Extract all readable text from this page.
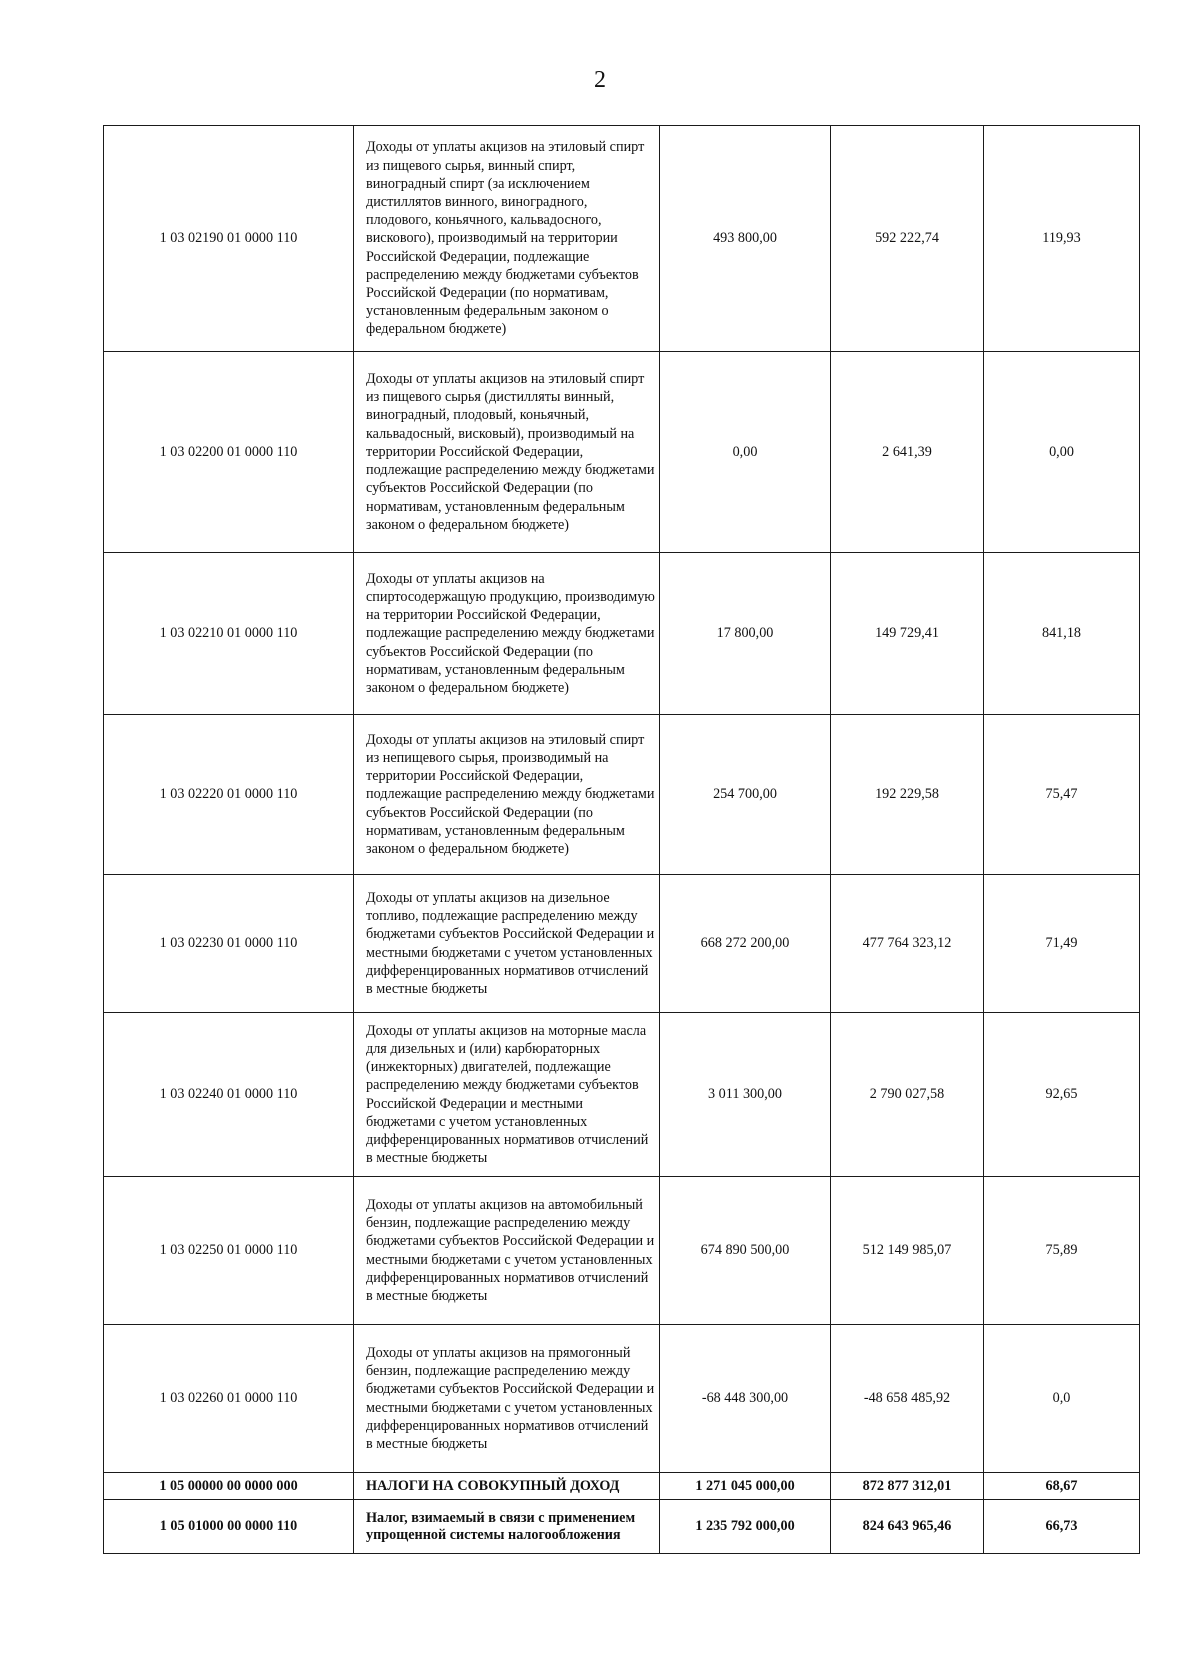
2
1 03 02190 01 0000 110	Доходы от уплаты акцизов на этиловый спирт из пищевого сырья, винный спирт, виноградный спирт (за исключением дистиллятов винного, виноградного, плодового, коньячного, кальвадосного, вискового), производимый на территории Российской Федерации, подлежащие распределению между бюджетами субъектов Российской Федерации (по нормативам, установленным федеральным законом о федеральном бюджете)	493 800,00	592 222,74	119,93
1 03 02200 01 0000 110	Доходы от уплаты акцизов на этиловый спирт из пищевого сырья (дистилляты винный, виноградный, плодовый, коньячный, кальвадосный, висковый), производимый на территории Российской Федерации, подлежащие распределению между бюджетами субъектов Российской Федерации (по нормативам, установленным федеральным законом о федеральном бюджете)	0,00	2 641,39	0,00
1 03 02210 01 0000 110	Доходы от уплаты акцизов на спиртосодержащую продукцию, производимую на территории Российской Федерации, подлежащие распределению между бюджетами субъектов Российской Федерации (по нормативам, установленным федеральным законом о федеральном бюджете)	17 800,00	149 729,41	841,18
1 03 02220 01 0000 110	Доходы от уплаты акцизов на этиловый спирт из непищевого сырья, производимый на территории Российской Федерации, подлежащие распределению между бюджетами субъектов Российской Федерации (по нормативам, установленным федеральным законом о федеральном бюджете)	254 700,00	192 229,58	75,47
1 03 02230 01 0000 110	Доходы от уплаты акцизов на дизельное топливо, подлежащие распределению между бюджетами субъектов Российской Федерации и местными бюджетами с учетом установленных дифференцированных нормативов отчислений в местные бюджеты	668 272 200,00	477 764 323,12	71,49
1 03 02240 01 0000 110	Доходы от уплаты акцизов на моторные масла для дизельных и (или) карбюраторных (инжекторных) двигателей, подлежащие распределению между бюджетами субъектов Российской Федерации и местными бюджетами с учетом установленных дифференцированных нормативов отчислений в местные бюджеты	3 011 300,00	2 790 027,58	92,65
1 03 02250 01 0000 110	Доходы от уплаты акцизов на автомобильный бензин, подлежащие распределению между бюджетами субъектов Российской Федерации и местными бюджетами с учетом установленных дифференцированных нормативов отчислений в местные бюджеты	674 890 500,00	512 149 985,07	75,89
1 03 02260 01 0000 110	Доходы от уплаты акцизов на прямогонный бензин, подлежащие распределению между бюджетами субъектов Российской Федерации и местными бюджетами с учетом установленных дифференцированных нормативов отчислений в местные бюджеты	-68 448 300,00	-48 658 485,92	0,0
1 05 00000 00 0000 000	НАЛОГИ НА СОВОКУПНЫЙ ДОХОД	1 271 045 000,00	872 877 312,01	68,67
1 05 01000 00 0000 110	Налог, взимаемый в связи с применением упрощенной системы налогообложения	1 235 792 000,00	824 643 965,46	66,73
